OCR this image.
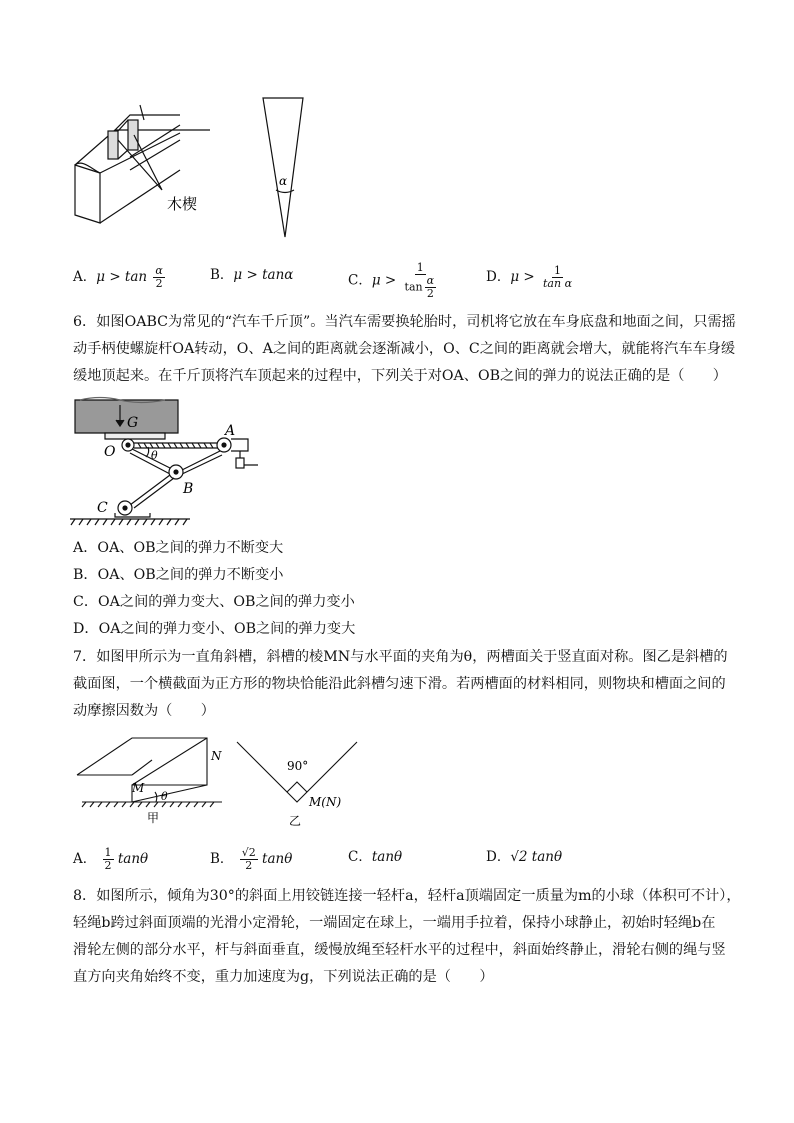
木楔
α
A．$\mu > \tan \frac{\alpha}{2}$	B．μ > tanα	C．$\mu > \frac{1}{\tan \frac{\alpha}{2}}$	D．$\mu > \frac{1}{\text{tan α}}$
6．如图OABC为常见的“汽车千斤顶”。当汽车需要换轮胎时，司机将它放在车身底盘和地面之间，只需摇
动手柄使螺旋杆OA转动，O、A之间的距离就会逐渐减小，O、C之间的距离就会增大，就能将汽车车身缓
缓地顶起来。在千斤顶将汽车顶起来的过程中，下列关于对OA、OB之间的弹力的说法正确的是（　　）
G
O
A
B
C
θ
A．OA、OB之间的弹力不断变大
B．OA、OB之间的弹力不断变小
C．OA之间的弹力变大、OB之间的弹力变小
D．OA之间的弹力变小、OB之间的弹力变大
7．如图甲所示为一直角斜槽，斜槽的棱MN与水平面的夹角为θ，两槽面关于竖直面对称。图乙是斜槽的
截面图，一个横截面为正方形的物块恰能沿此斜槽匀速下滑。若两槽面的材料相同，则物块和槽面之间的
动摩擦因数为（　　）
M
N
θ
甲
90°
M(N)
乙
A． $\frac{1}{2}$ tanθ	B． $\frac{√2}{2}$ tanθ	C．tanθ	D．√2 tanθ
8．如图所示，倾角为30°的斜面上用铰链连接一轻杆a，轻杆a顶端固定一质量为m的小球（体积可不计），
轻绳b跨过斜面顶端的光滑小定滑轮，一端固定在球上，一端用手拉着，保持小球静止，初始时轻绳b在
滑轮左侧的部分水平，杆与斜面垂直，缓慢放绳至轻杆水平的过程中，斜面始终静止，滑轮右侧的绳与竖
直方向夹角始终不变，重力加速度为g，下列说法正确的是（　　）
